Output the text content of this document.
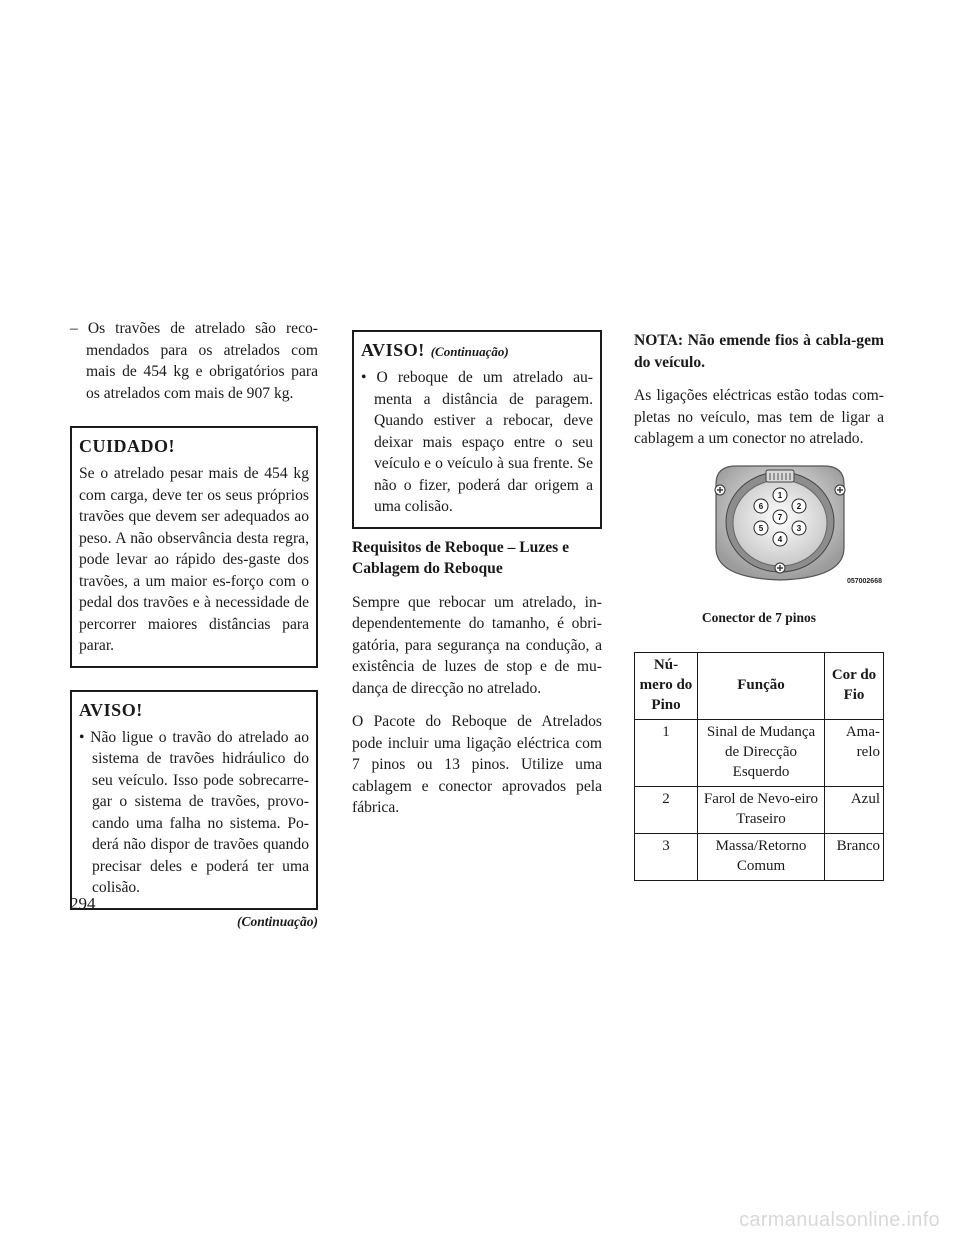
– Os travões de atrelado são reco-mendados para os atrelados com mais de 454 kg e obrigatórios para os atrelados com mais de 907 kg.

CUIDADO!

Se o atrelado pesar mais de 454 kg com carga, deve ter os seus próprios travões que devem ser adequados ao peso. A não observância desta regra, pode levar ao rápido des-gaste dos travões, a um maior es-forço com o pedal dos travões e à necessidade de percorrer maiores distâncias para parar.

AVISO!

• Não ligue o travão do atrelado ao sistema de travões hidráulico do seu veículo. Isso pode sobrecarre-gar o sistema de travões, provo-cando uma falha no sistema. Po-derá não dispor de travões quando precisar deles e poderá ter uma colisão.

(Continuação)
AVISO! (Continuação)

• O reboque de um atrelado au-menta a distância de paragem. Quando estiver a rebocar, deve deixar mais espaço entre o seu veículo e o veículo à sua frente. Se não o fizer, poderá dar origem a uma colisão.

Requisitos de Reboque – Luzes e Cablagem do Reboque

Sempre que rebocar um atrelado, in-dependentemente do tamanho, é obri-gatória, para segurança na condução, a existência de luzes de stop e de mu-dança de direcção no atrelado.

O Pacote do Reboque de Atrelados pode incluir uma ligação eléctrica com 7 pinos ou 13 pinos. Utilize uma cablagem e conector aprovados pela fábrica.

NOTA: Não emende fios à cabla-gem do veículo.

As ligações eléctricas estão todas com-pletas no veículo, mas tem de ligar a cablagem a um conector no atrelado.

1
2
3
4
5
6
7
057002668

Conector de 7 pinos

Nú-mero do Pino	Função	Cor do Fio
1	Sinal de Mudança de Direcção Esquerdo	Ama-relo
2	Farol de Nevo-eiro Traseiro	Azul
3	Massa/Retorno Comum	Branco
294
carmanualsonline.info
